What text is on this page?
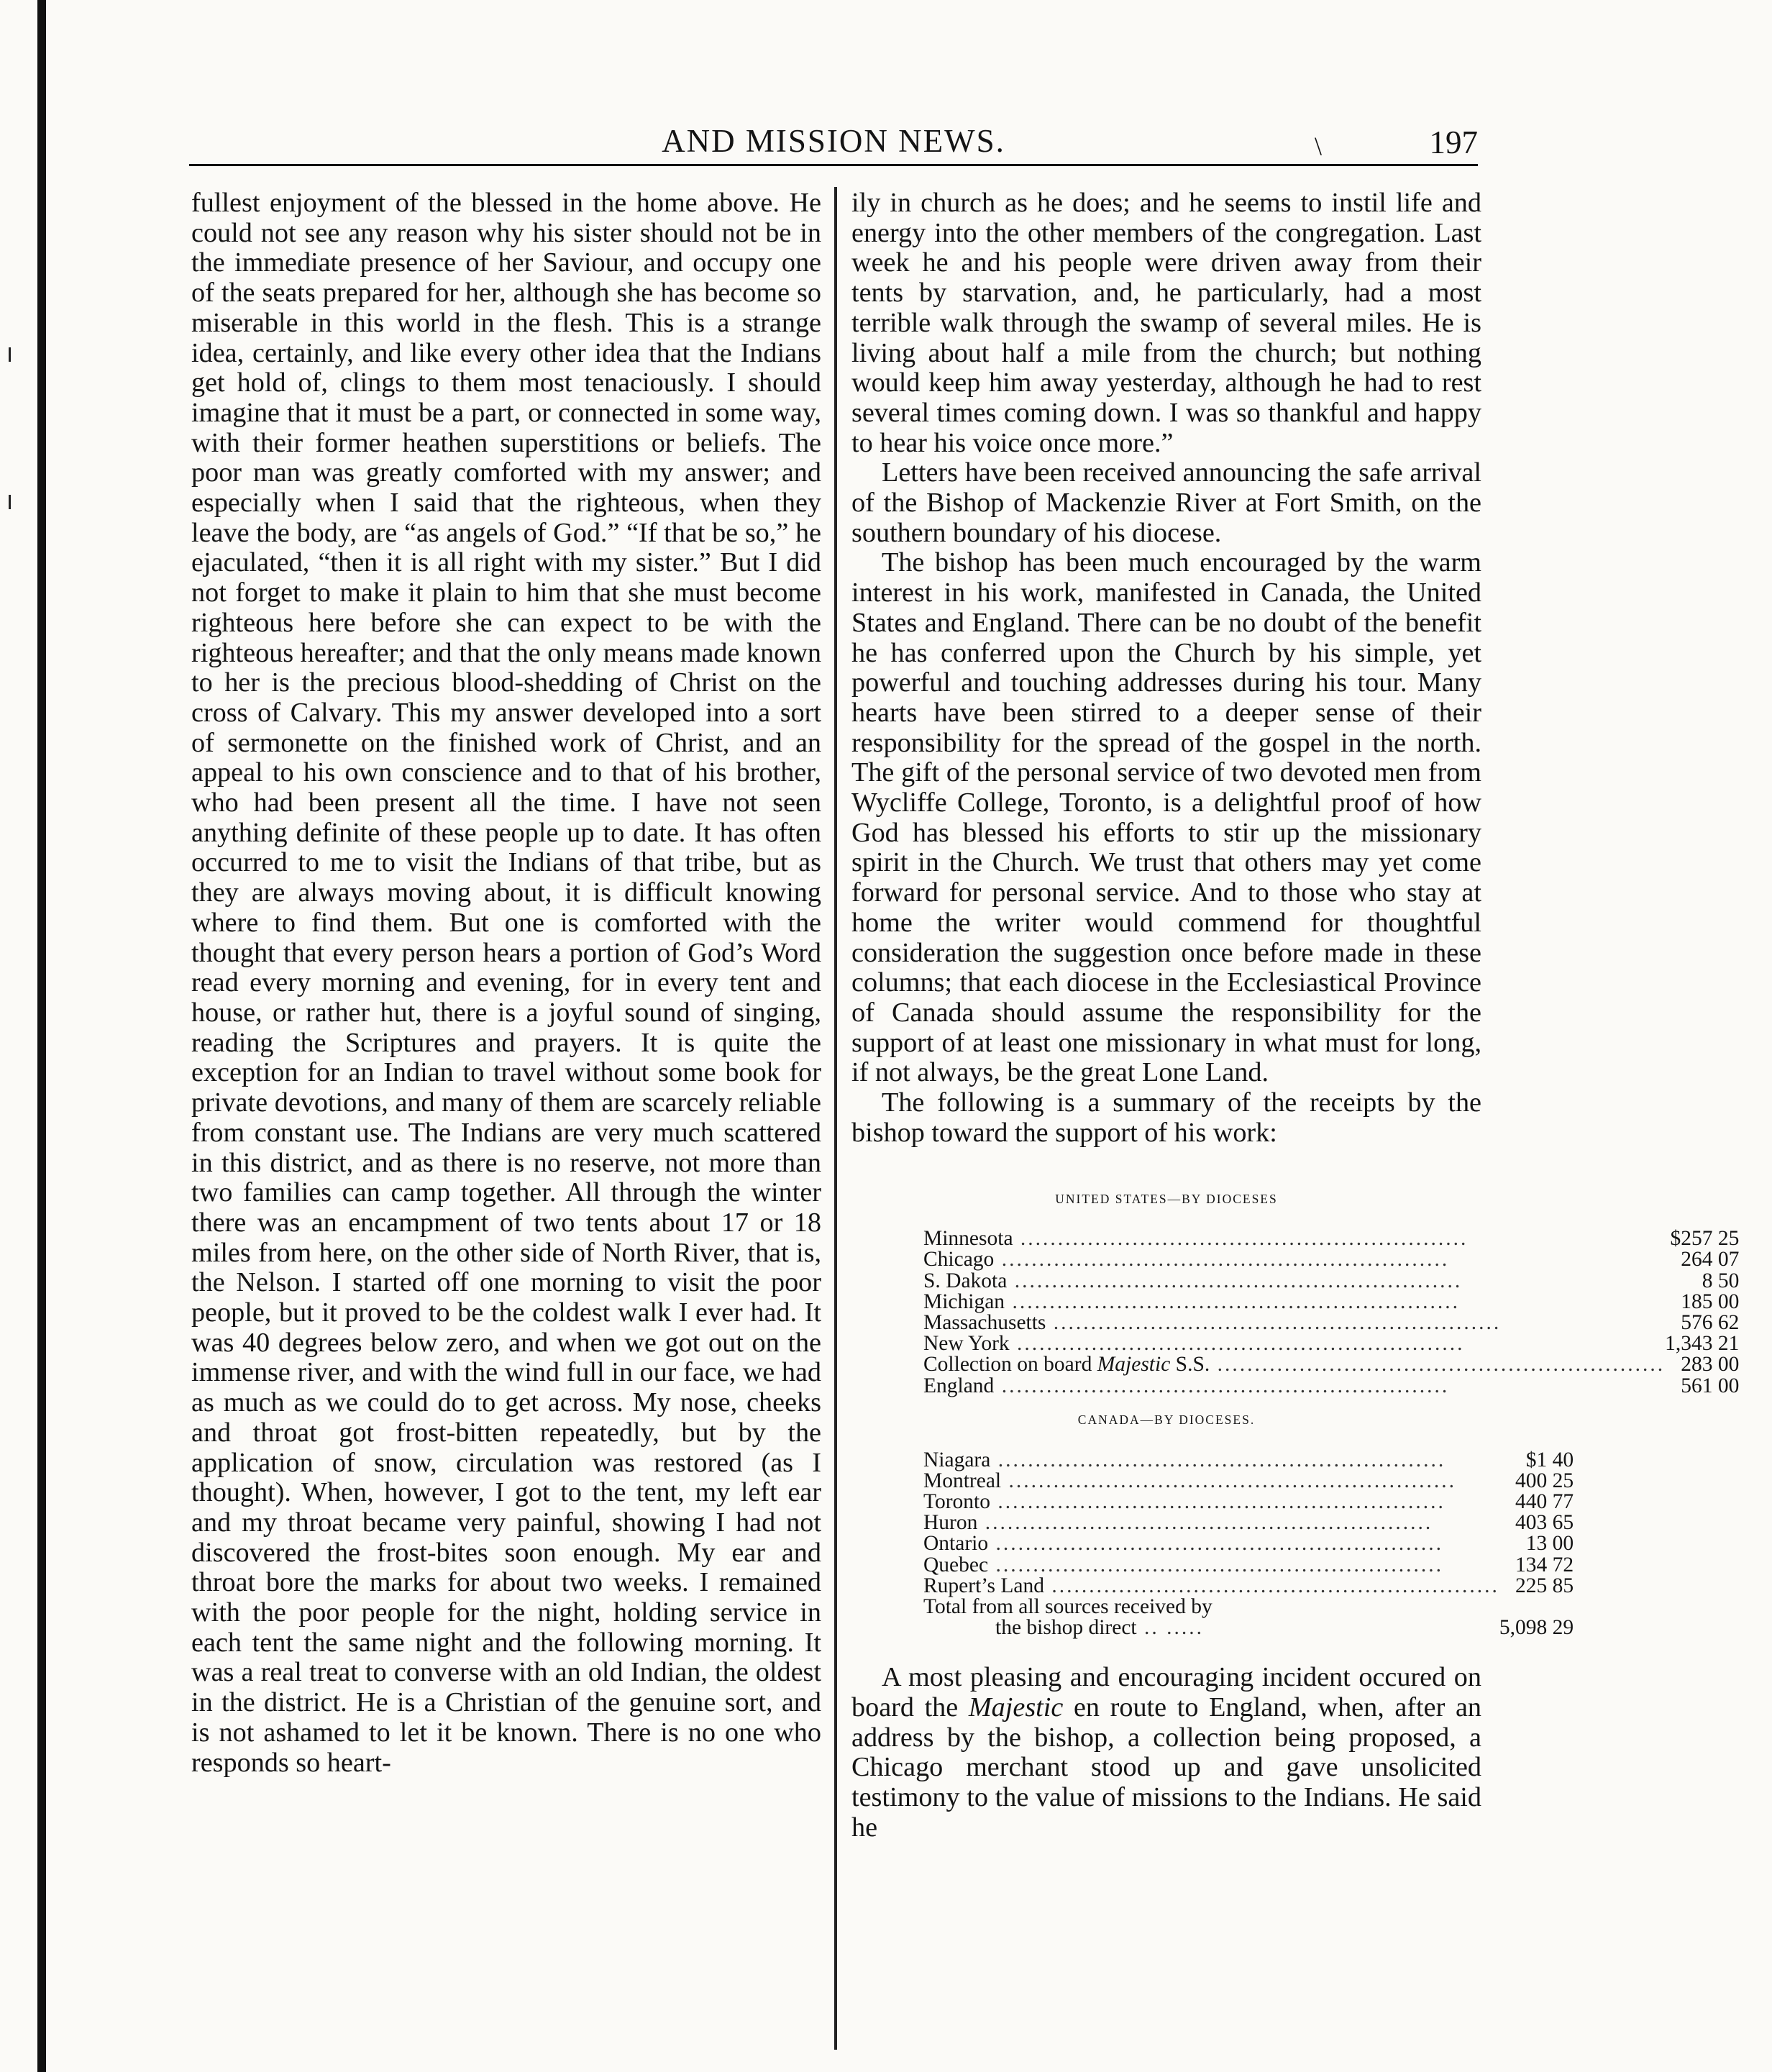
AND MISSION NEWS.	\	197

fullest enjoyment of the blessed in the home above. He could not see any reason why his sister should not be in the immediate presence of her Saviour, and occupy one of the seats prepared for her, although she has become so miserable in this world in the flesh. This is a strange idea, certainly, and like every other idea that the Indians get hold of, clings to them most tenaciously. I should imagine that it must be a part, or connected in some way, with their former heathen superstitions or beliefs. The poor man was greatly comforted with my answer; and especially when I said that the righteous, when they leave the body, are “as angels of God.” “If that be so,” he ejaculated, “then it is all right with my sister.” But I did not forget to make it plain to him that she must become righteous here before she can expect to be with the righteous hereafter; and that the only means made known to her is the precious blood-shedding of Christ on the cross of Calvary. This my answer developed into a sort of sermonette on the finished work of Christ, and an appeal to his own conscience and to that of his brother, who had been present all the time. I have not seen anything definite of these people up to date. It has often occurred to me to visit the Indians of that tribe, but as they are always moving about, it is difficult knowing where to find them. But one is comforted with the thought that every person hears a portion of God’s Word read every morning and evening, for in every tent and house, or rather hut, there is a joyful sound of singing, reading the Scriptures and prayers. It is quite the exception for an Indian to travel without some book for private devotions, and many of them are scarcely reliable from constant use. The Indians are very much scattered in this district, and as there is no reserve, not more than two families can camp together. All through the winter there was an encampment of two tents about 17 or 18 miles from here, on the other side of North River, that is, the Nelson. I started off one morning to visit the poor people, but it proved to be the coldest walk I ever had. It was 40 degrees below zero, and when we got out on the immense river, and with the wind full in our face, we had as much as we could do to get across. My nose, cheeks and throat got frost-bitten repeatedly, but by the application of snow, circulation was restored (as I thought). When, however, I got to the tent, my left ear and my throat became very painful, showing I had not discovered the frost-bites soon enough. My ear and throat bore the marks for about two weeks. I remained with the poor people for the night, holding service in each tent the same night and the following morning. It was a real treat to converse with an old Indian, the oldest in the district. He is a Christian of the genuine sort, and is not ashamed to let it be known. There is no one who responds so heart-

ily in church as he does; and he seems to instil life and energy into the other members of the congregation. Last week he and his people were driven away from their tents by starvation, and, he particularly, had a most terrible walk through the swamp of several miles. He is living about half a mile from the church; but nothing would keep him away yesterday, although he had to rest several times coming down. I was so thankful and happy to hear his voice once more.”

Letters have been received announcing the safe arrival of the Bishop of Mackenzie River at Fort Smith, on the southern boundary of his diocese.

The bishop has been much encouraged by the warm interest in his work, manifested in Canada, the United States and England. There can be no doubt of the benefit he has conferred upon the Church by his simple, yet powerful and touching addresses during his tour. Many hearts have been stirred to a deeper sense of their responsibility for the spread of the gospel in the north. The gift of the personal service of two devoted men from Wycliffe College, Toronto, is a delightful proof of how God has blessed his efforts to stir up the missionary spirit in the Church. We trust that others may yet come forward for personal service. And to those who stay at home the writer would commend for thoughtful consideration the suggestion once before made in these columns; that each diocese in the Ecclesiastical Province of Canada should assume the responsibility for the support of at least one missionary in what must for long, if not always, be the great Lone Land.

The following is a summary of the receipts by the bishop toward the support of his work:

UNITED STATES—BY DIOCESES
Minnesota ............................................................	$257 25
Chicago ............................................................	264 07
S. Dakota ............................................................	8 50
Michigan ............................................................	185 00
Massachusetts ............................................................	576 62
New York ............................................................	1,343 21
Collection on board Majestic S.S. ............................................................	283 00
England ............................................................	561 00
CANADA—BY DIOCESES.
Niagara ............................................................	$1 40
Montreal ............................................................	400 25
Toronto ............................................................	440 77
Huron ............................................................	403 65
Ontario ............................................................	13 00
Quebec ............................................................	134 72
Rupert’s Land ............................................................	225 85
Total from all sources received by	
the bishop direct .. .....	5,098 29

A most pleasing and encouraging incident occured on board the Majestic en route to England, when, after an address by the bishop, a collection being proposed, a Chicago merchant stood up and gave unsolicited testimony to the value of missions to the Indians. He said he
